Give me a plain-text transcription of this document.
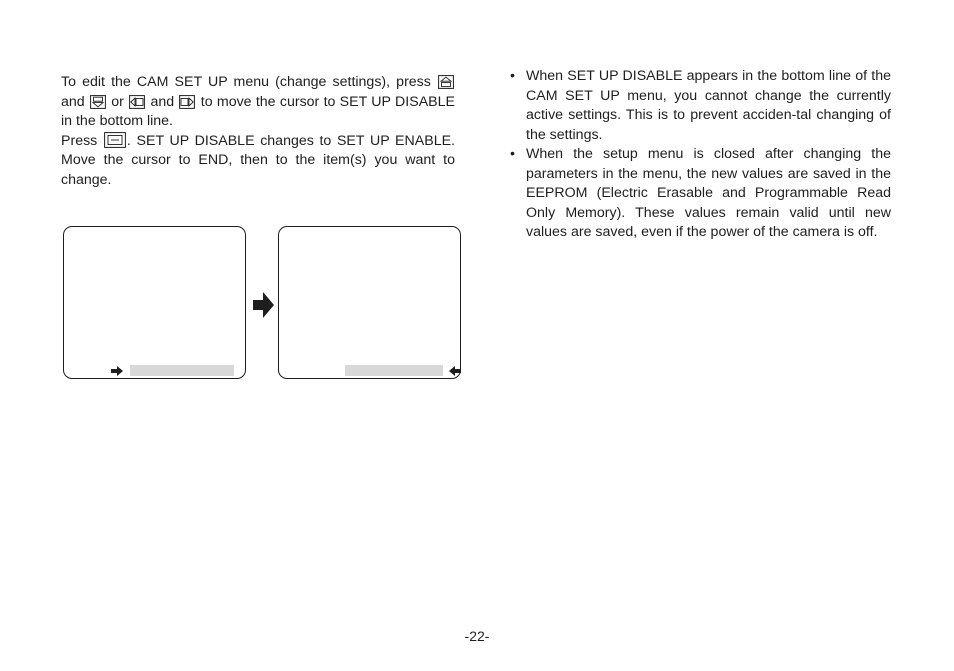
To edit the CAM SET UP menu (change settings), press
and or and to move the cursor to SET UP DISABLE in the bottom line.

Press . SET UP DISABLE changes to SET UP ENABLE. Move the cursor to END, then to the item(s) you want to change.

• When SET UP DISABLE appears in the bottom line of the CAM SET UP menu, you cannot change the currently active settings. This is to prevent acciden-tal changing of the settings.
• When the setup menu is closed after changing the parameters in the menu, the new values are saved in the EEPROM (Electric Erasable and Programmable Read Only Memory). These values remain valid until new values are saved, even if the power of the camera is off.
-22-
